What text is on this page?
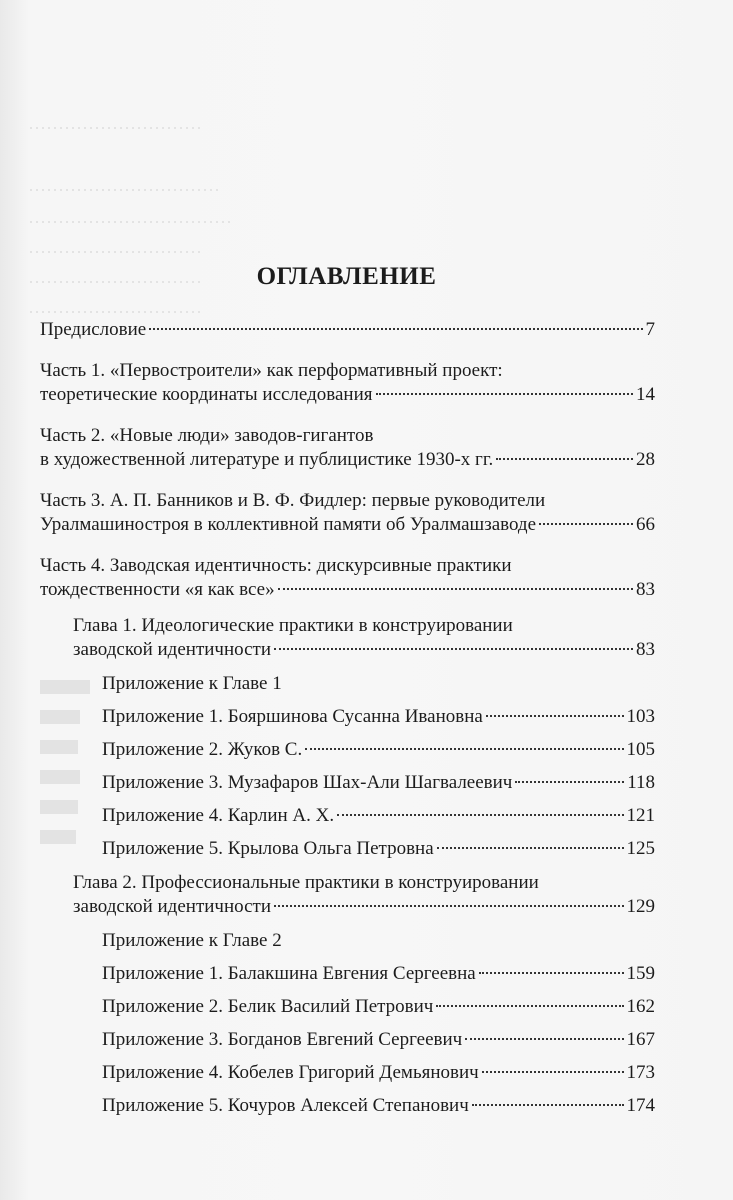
ОГЛАВЛЕНИЕ
Предисловие	7
Часть 1. «Первостроители» как перформативный проект:
теоретические координаты исследования	14
Часть 2. «Новые люди» заводов-гигантов
в художественной литературе и публицистике 1930-х гг.	28
Часть 3. А. П. Банников и В. Ф. Фидлер: первые руководители
Уралмашиностроя в коллективной памяти об Уралмашзаводе	66
Часть 4. Заводская идентичность: дискурсивные практики
тождественности «я как все»	83
Глава 1. Идеологические практики в конструировании
заводской идентичности	83
Приложение к Главе 1
Приложение 1. Бояршинова Сусанна Ивановна	103
Приложение 2. Жуков С.	105
Приложение 3. Музафаров Шах-Али Шагвалеевич	118
Приложение 4. Карлин А. Х.	121
Приложение 5. Крылова Ольга Петровна	125
Глава 2. Профессиональные практики в конструировании
заводской идентичности	129
Приложение к Главе 2
Приложение 1. Балакшина Евгения Сергеевна	159
Приложение 2. Белик Василий Петрович	162
Приложение 3. Богданов Евгений Сергеевич	167
Приложение 4. Кобелев Григорий Демьянович	173
Приложение 5. Кочуров Алексей Степанович	174
